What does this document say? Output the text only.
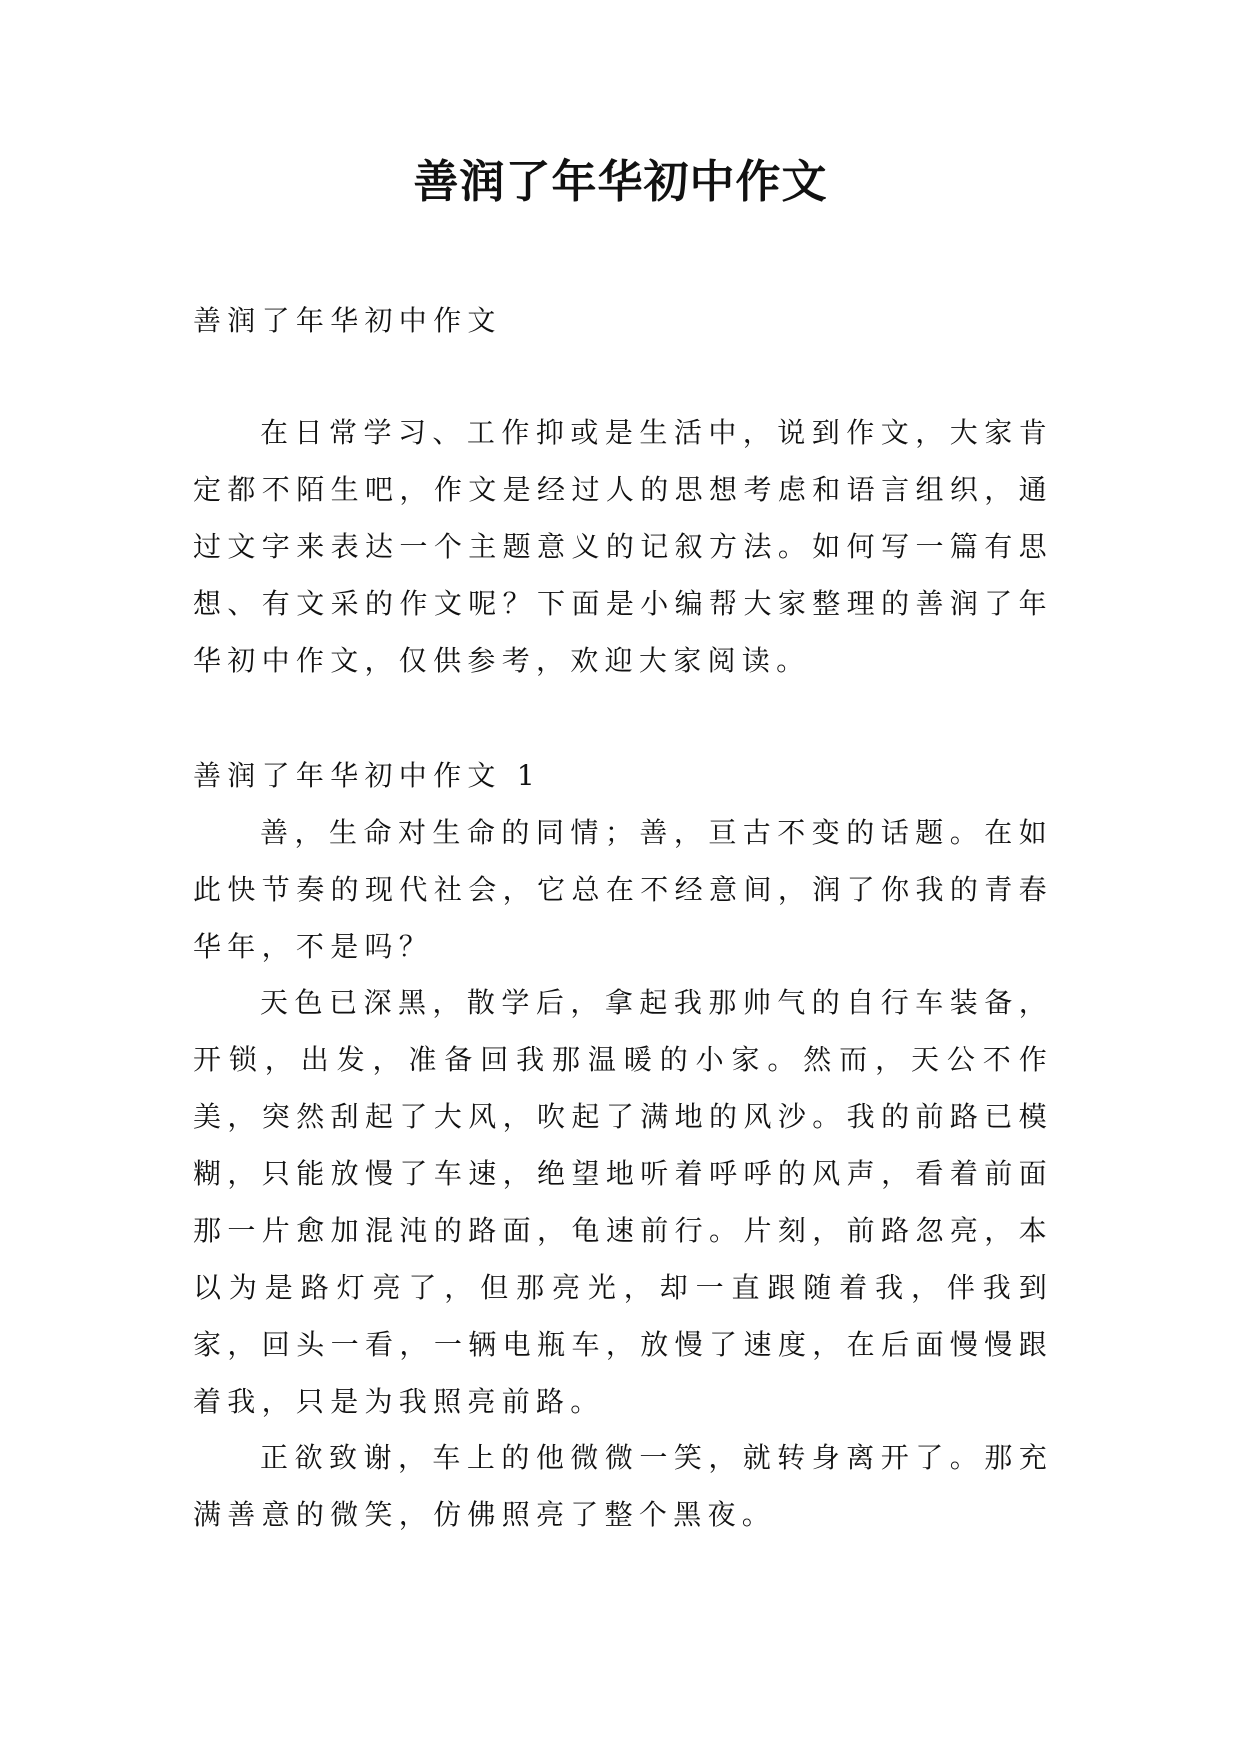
善润了年华初中作文

善润了年华初中作文

在日常学习、工作抑或是生活中，说到作文，大家肯定都不陌生吧，作文是经过人的思想考虑和语言组织，通过文字来表达一个主题意义的记叙方法。如何写一篇有思想、有文采的作文呢？下面是小编帮大家整理的善润了年华初中作文，仅供参考，欢迎大家阅读。

善润了年华初中作文 1

善，生命对生命的同情；善，亘古不变的话题。在如此快节奏的现代社会，它总在不经意间，润了你我的青春华年，不是吗？

天色已深黑，散学后，拿起我那帅气的自行车装备，开锁，出发，准备回我那温暖的小家。然而，天公不作美，突然刮起了大风，吹起了满地的风沙。我的前路已模糊，只能放慢了车速，绝望地听着呼呼的风声，看着前面那一片愈加混沌的路面，龟速前行。片刻，前路忽亮，本以为是路灯亮了，但那亮光，却一直跟随着我，伴我到家，回头一看，一辆电瓶车，放慢了速度，在后面慢慢跟着我，只是为我照亮前路。

正欲致谢，车上的他微微一笑，就转身离开了。那充满善意的微笑，仿佛照亮了整个黑夜。
